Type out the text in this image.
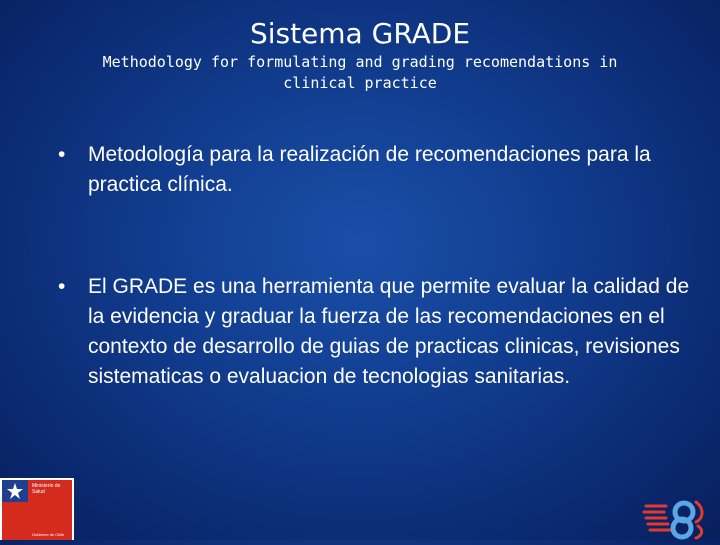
Sistema GRADE
Methodology for formulating and grading recomendations in clinical practice
• Metodología para la realización de recomendaciones para la practica clínica.
• El GRADE es una herramienta que permite evaluar la calidad de la evidencia y graduar la fuerza de las recomendaciones en el contexto de desarrollo de guias de practicas clinicas, revisiones sistematicas o evaluacion de tecnologias sanitarias.
Ministerio de
Salud
Gobierno de Chile
